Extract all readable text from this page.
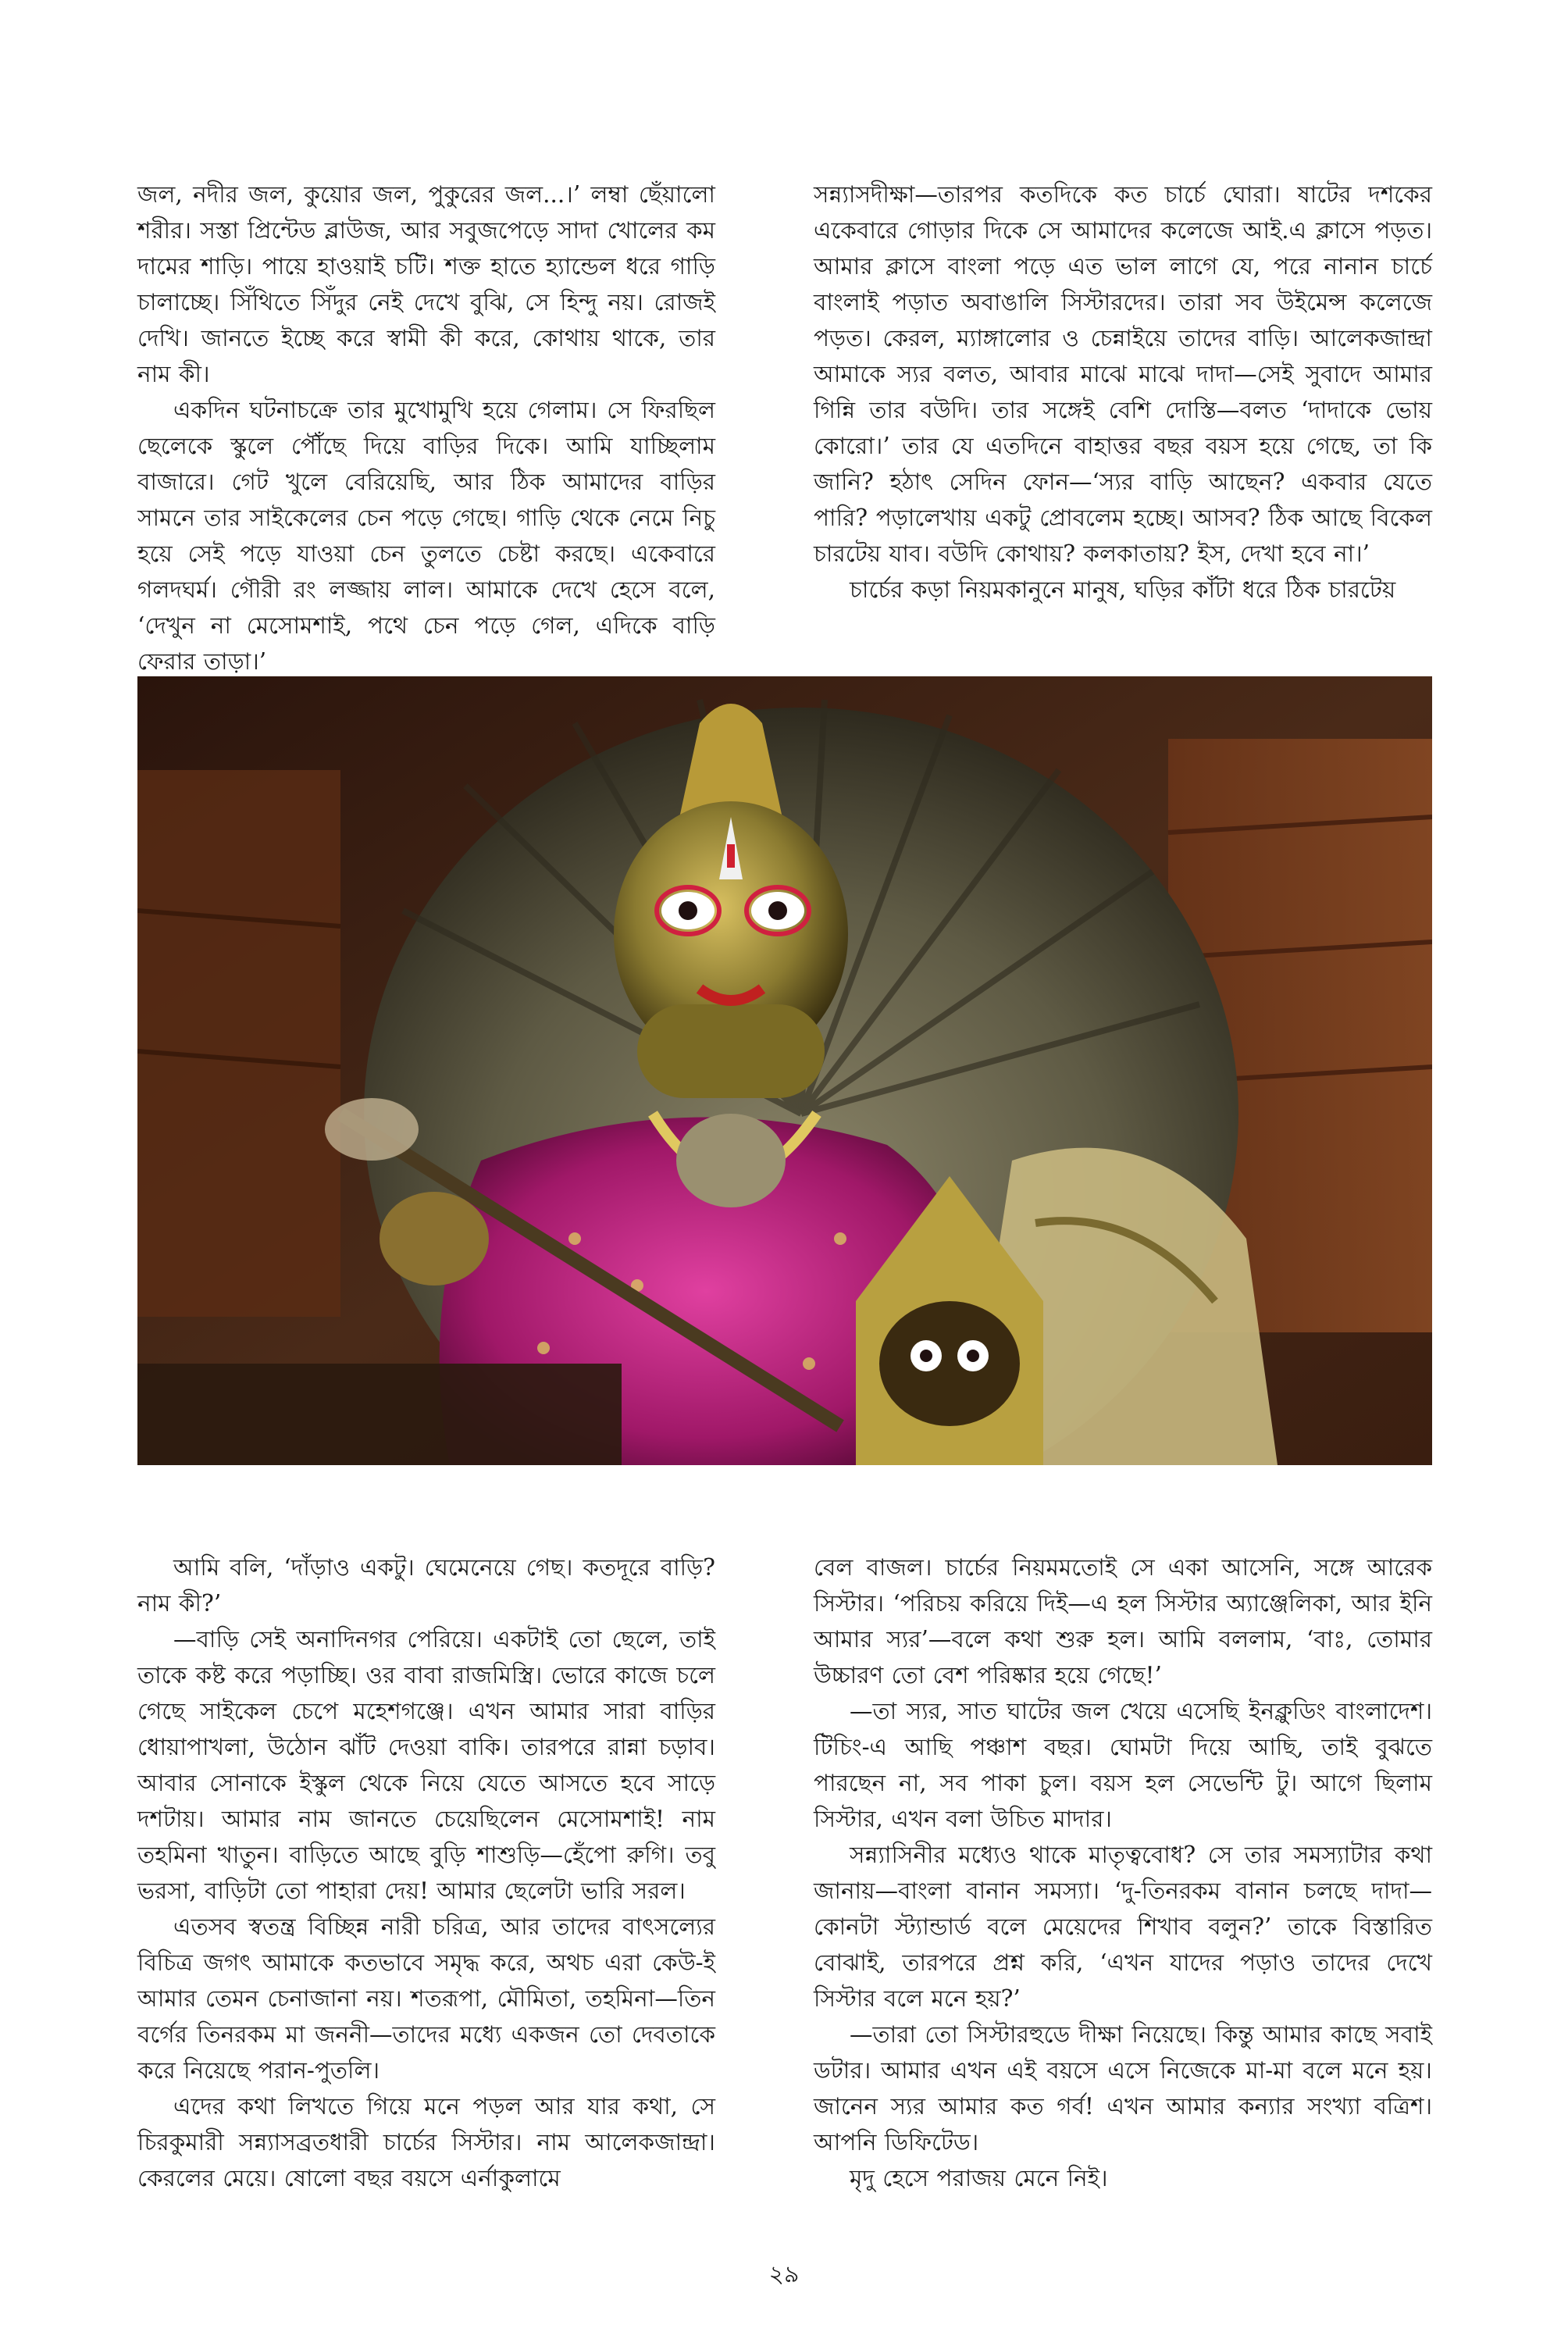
জল, নদীর জল, কুয়োর জল, পুকুরের জল...।’ লম্বা ছেঁয়ালো শরীর। সস্তা প্রিন্টেড ব্লাউজ, আর সবুজপেড়ে সাদা খোলের কম দামের শাড়ি। পায়ে হাওয়াই চটি। শক্ত হাতে হ্যান্ডেল ধরে গাড়ি চালাচ্ছে। সিঁথিতে সিঁদুর নেই দেখে বুঝি, সে হিন্দু নয়। রোজই দেখি। জানতে ইচ্ছে করে স্বামী কী করে, কোথায় থাকে, তার নাম কী।

একদিন ঘটনাচক্রে তার মুখোমুখি হয়ে গেলাম। সে ফিরছিল ছেলেকে স্কুলে পৌঁছে দিয়ে বাড়ির দিকে। আমি যাচ্ছিলাম বাজারে। গেট খুলে বেরিয়েছি, আর ঠিক আমাদের বাড়ির সামনে তার সাইকেলের চেন পড়ে গেছে। গাড়ি থেকে নেমে নিচু হয়ে সেই পড়ে যাওয়া চেন তুলতে চেষ্টা করছে। একেবারে গলদঘর্ম। গৌরী রং লজ্জায় লাল। আমাকে দেখে হেসে বলে, ‘দেখুন না মেসোমশাই, পথে চেন পড়ে গেল, এদিকে বাড়ি ফেরার তাড়া।’

সন্ন্যাসদীক্ষা—তারপর কতদিকে কত চার্চে ঘোরা। ষাটের দশকের একেবারে গোড়ার দিকে সে আমাদের কলেজে আই.এ ক্লাসে পড়ত। আমার ক্লাসে বাংলা পড়ে এত ভাল লাগে যে, পরে নানান চার্চে বাংলাই পড়াত অবাঙালি সিস্টারদের। তারা সব উইমেন্স কলেজে পড়ত। কেরল, ম্যাঙ্গালোর ও চেন্নাইয়ে তাদের বাড়ি। আলেকজান্দ্রা আমাকে স্যর বলত, আবার মাঝে মাঝে দাদা—সেই সুবাদে আমার গিন্নি তার বউদি। তার সঙ্গেই বেশি দোস্তি—বলত ‘দাদাকে ভোয় কোরো।’ তার যে এতদিনে বাহাত্তর বছর বয়স হয়ে গেছে, তা কি জানি? হঠাৎ সেদিন ফোন—‘স্যর বাড়ি আছেন? একবার যেতে পারি? পড়ালেখায় একটু প্রোবলেম হচ্ছে। আসব? ঠিক আছে বিকেল চারটেয় যাব। বউদি কোথায়? কলকাতায়? ইস, দেখা হবে না।’

চার্চের কড়া নিয়মকানুনে মানুষ, ঘড়ির কাঁটা ধরে ঠিক চারটেয়

আমি বলি, ‘দাঁড়াও একটু। ঘেমেনেয়ে গেছ। কতদূরে বাড়ি? নাম কী?’

—বাড়ি সেই অনাদিনগর পেরিয়ে। একটাই তো ছেলে, তাই তাকে কষ্ট করে পড়াচ্ছি। ওর বাবা রাজমিস্ত্রি। ভোরে কাজে চলে গেছে সাইকেল চেপে মহেশগঞ্জে। এখন আমার সারা বাড়ির ধোয়াপাখলা, উঠোন ঝাঁট দেওয়া বাকি। তারপরে রান্না চড়াব। আবার সোনাকে ইস্কুল থেকে নিয়ে যেতে আসতে হবে সাড়ে দশটায়। আমার নাম জানতে চেয়েছিলেন মেসোমশাই! নাম তহমিনা খাতুন। বাড়িতে আছে বুড়ি শাশুড়ি—হেঁপো রুগি। তবু ভরসা, বাড়িটা তো পাহারা দেয়! আমার ছেলেটা ভারি সরল।

এতসব স্বতন্ত্র বিচ্ছিন্ন নারী চরিত্র, আর তাদের বাৎসল্যের বিচিত্র জগৎ আমাকে কতভাবে সমৃদ্ধ করে, অথচ এরা কেউ-ই আমার তেমন চেনাজানা নয়। শতরূপা, মৌমিতা, তহমিনা—তিন বর্গের তিনরকম মা জননী—তাদের মধ্যে একজন তো দেবতাকে করে নিয়েছে পরান-পুতলি।

এদের কথা লিখতে গিয়ে মনে পড়ল আর যার কথা, সে চিরকুমারী সন্ন্যাসব্রতধারী চার্চের সিস্টার। নাম আলেকজান্দ্রা। কেরলের মেয়ে। ষোলো বছর বয়সে এর্নাকুলামে

বেল বাজল। চার্চের নিয়মমতোই সে একা আসেনি, সঙ্গে আরেক সিস্টার। ‘পরিচয় করিয়ে দিই—এ হল সিস্টার অ্যাঞ্জেলিকা, আর ইনি আমার স্যর’—বলে কথা শুরু হল। আমি বললাম, ‘বাঃ, তোমার উচ্চারণ তো বেশ পরিষ্কার হয়ে গেছে!’

—তা স্যর, সাত ঘাটের জল খেয়ে এসেছি ইনক্লুডিং বাংলাদেশ। টিচিং-এ আছি পঞ্চাশ বছর। ঘোমটা দিয়ে আছি, তাই বুঝতে পারছেন না, সব পাকা চুল। বয়স হল সেভেন্টি টু। আগে ছিলাম সিস্টার, এখন বলা উচিত মাদার।

সন্ন্যাসিনীর মধ্যেও থাকে মাতৃত্ববোধ? সে তার সমস্যাটার কথা জানায়—বাংলা বানান সমস্যা। ‘দু-তিনরকম বানান চলছে দাদা—কোনটা স্ট্যান্ডার্ড বলে মেয়েদের শিখাব বলুন?’ তাকে বিস্তারিত বোঝাই, তারপরে প্রশ্ন করি, ‘এখন যাদের পড়াও তাদের দেখে সিস্টার বলে মনে হয়?’

—তারা তো সিস্টারহুডে দীক্ষা নিয়েছে। কিন্তু আমার কাছে সবাই ডটার। আমার এখন এই বয়সে এসে নিজেকে মা-মা বলে মনে হয়। জানেন স্যর আমার কত গর্ব! এখন আমার কন্যার সংখ্যা বত্রিশ। আপনি ডিফিটেড।

মৃদু হেসে পরাজয় মেনে নিই।

২৯
